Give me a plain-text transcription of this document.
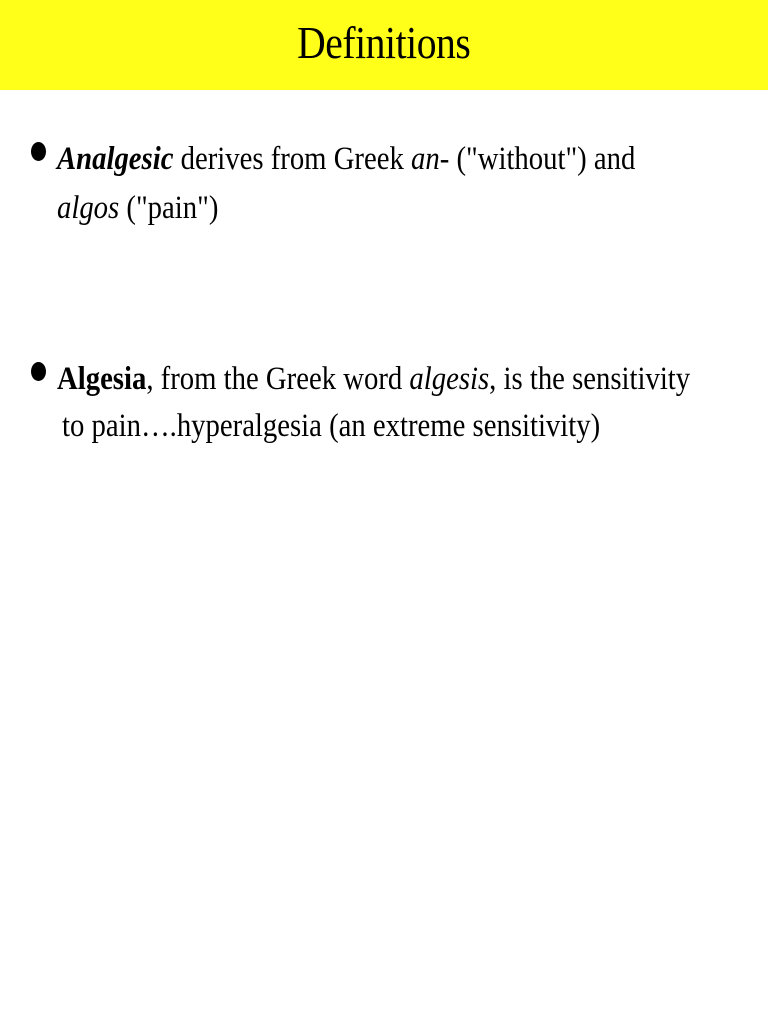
Definitions
Analgesic derives from Greek an- ("without") and
algos ("pain")
Algesia, from the Greek word algesis, is the sensitivity
to pain….hyperalgesia (an extreme sensitivity)
